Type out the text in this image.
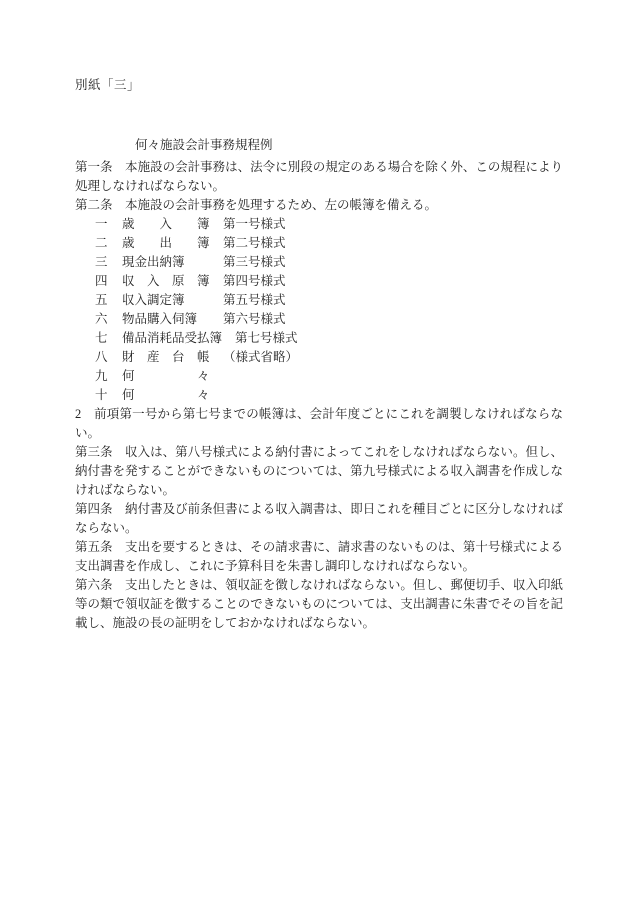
別紙「三」
何々施設会計事務規程例

第一条　本施設の会計事務は、法令に別段の規定のある場合を除く外、この規程により処理しなければならない。

第二条　本施設の会計事務を処理するため、左の帳簿を備える。

一	歳　　入　　簿 第一号様式
二	歳　　出　　簿 第二号様式
三	現金出納簿	第三号様式
四	収　入　原　簿 第四号様式
五	収入調定簿	第五号様式
六	物品購入伺簿	第六号様式
七	備品消耗品受払簿 第七号様式
八	財　産　台　帳 （様式省略）
九	何　　　　　々
十	何　　　　　々

2　前項第一号から第七号までの帳簿は、会計年度ごとにこれを調製しなければならない。

第三条　収入は、第八号様式による納付書によってこれをしなければならない。但し、納付書を発することができないものについては、第九号様式による収入調書を作成しなければならない。

第四条　納付書及び前条但書による収入調書は、即日これを種目ごとに区分しなければならない。

第五条　支出を要するときは、その請求書に、請求書のないものは、第十号様式による支出調書を作成し、これに予算科目を朱書し調印しなければならない。

第六条　支出したときは、領収証を徴しなければならない。但し、郵便切手、収入印紙等の類で領収証を徴することのできないものについては、支出調書に朱書でその旨を記載し、施設の長の証明をしておかなければならない。
